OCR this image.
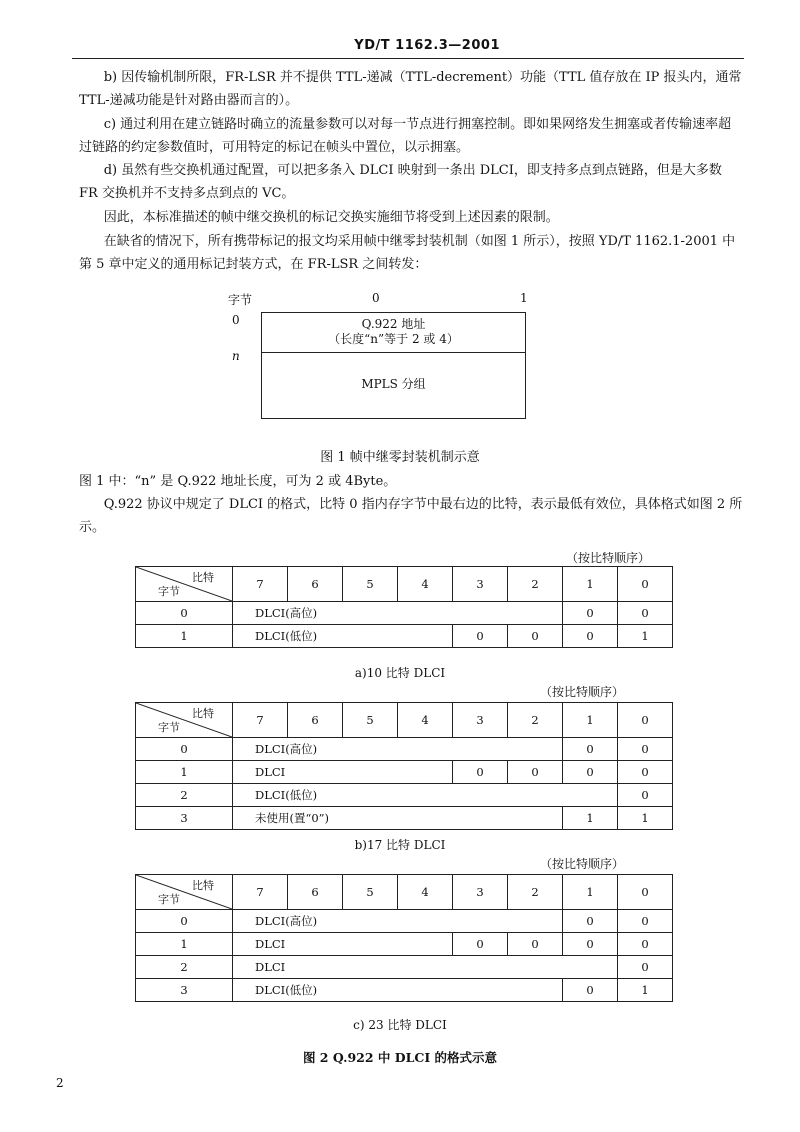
YD/T 1162.3—2001
b) 因传输机制所限，FR-LSR 并不提供 TTL-递减（TTL-decrement）功能（TTL 值存放在 IP 报头内，通常 TTL-递减功能是针对路由器而言的）。
c) 通过利用在建立链路时确立的流量参数可以对每一节点进行拥塞控制。即如果网络发生拥塞或者传输速率超过链路的约定参数值时，可用特定的标记在帧头中置位，以示拥塞。
d) 虽然有些交换机通过配置，可以把多条入 DLCI 映射到一条出 DLCI，即支持多点到点链路，但是大多数 FR 交换机并不支持多点到点的 VC。
因此，本标准描述的帧中继交换机的标记交换实施细节将受到上述因素的限制。
在缺省的情况下，所有携带标记的报文均采用帧中继零封装机制（如图 1 所示），按照 YD/T 1162.1-2001 中第 5 章中定义的通用标记封装方式，在 FR-LSR 之间转发：
字节	0	1
0
n
Q.922 地址
（长度“n”等于 2 或 4）
MPLS 分组
图 1 帧中继零封装机制示意
图 1 中：“n” 是 Q.922 地址长度，可为 2 或 4Byte。
Q.922 协议中规定了 DLCI 的格式，比特 0 指内存字节中最右边的比特，表示最低有效位，具体格式如图 2 所示。
（按比特顺序）
比特
字节	7	6	5	4	3	2	1	0
0	DLCI(高位)						0	0
1	DLCI(低位)				0	0	0	1
a)10 比特 DLCI
（按比特顺序）
比特
字节	7	6	5	4	3	2	1	0
0	DLCI(高位)						0	0
1	DLCI				0	0	0	0
2	DLCI(低位)							0
3	未使用(置“0”)						1	1
b)17 比特 DLCI
（按比特顺序）
比特
字节	7	6	5	4	3	2	1	0
0	DLCI(高位)						0	0
1	DLCI				0	0	0	0
2	DLCI							0
3	DLCI(低位)						0	1
c) 23 比特 DLCI
图 2 Q.922 中 DLCI 的格式示意
2
